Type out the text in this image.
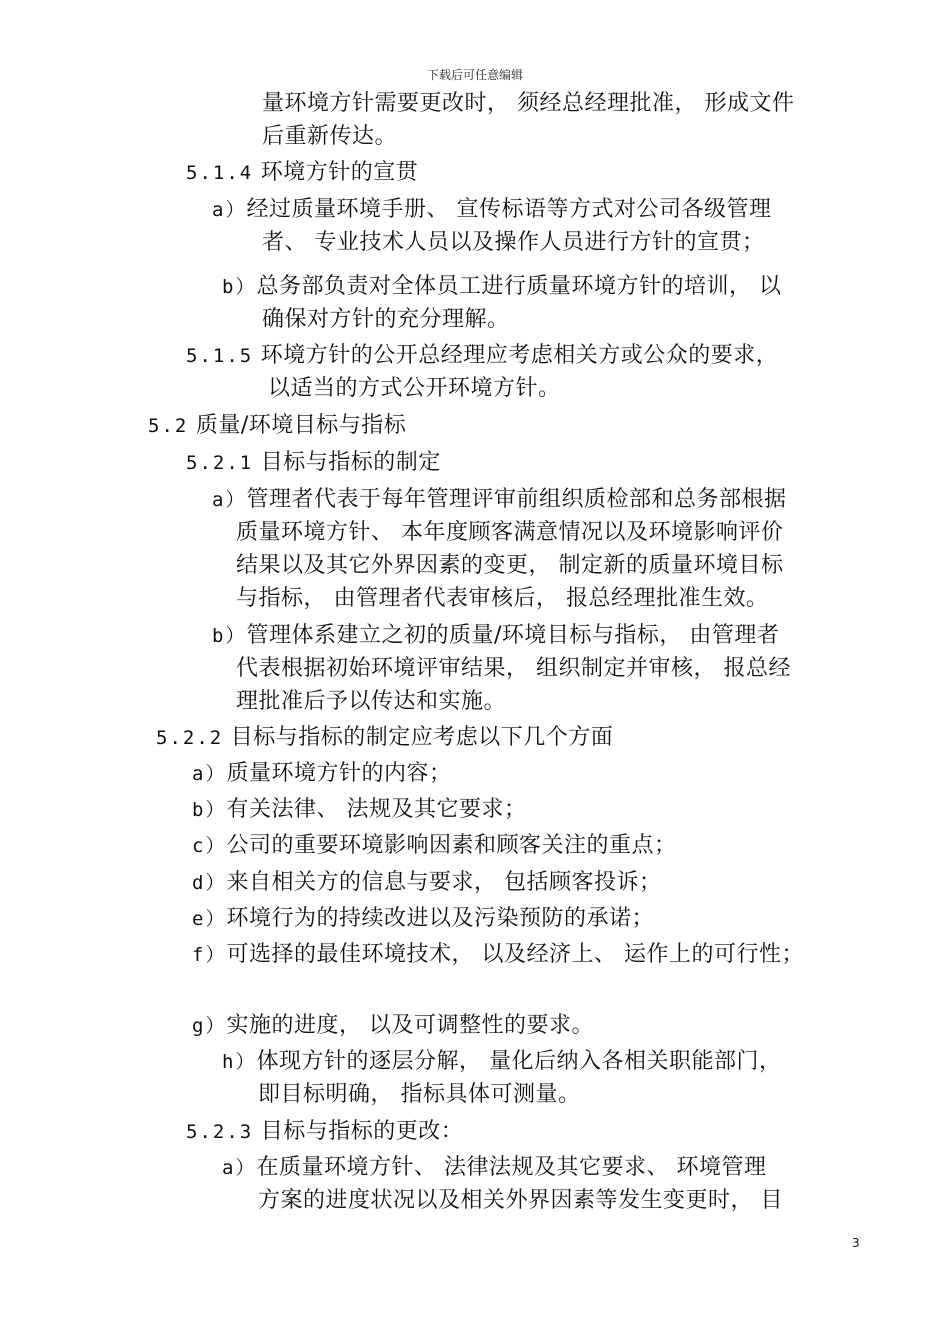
下载后可任意编辑
量环境方针需要更改时， 须经总经理批准， 形成文件
后重新传达。
5.1.4 环境方针的宣贯
a）经过质量环境手册、 宣传标语等方式对公司各级管理
者、 专业技术人员以及操作人员进行方针的宣贯；
b）总务部负责对全体员工进行质量环境方针的培训， 以
确保对方针的充分理解。
5.1.5 环境方针的公开总经理应考虑相关方或公众的要求，
以适当的方式公开环境方针。
5.2 质量/环境目标与指标
5.2.1 目标与指标的制定
a）管理者代表于每年管理评审前组织质检部和总务部根据
质量环境方针、 本年度顾客满意情况以及环境影响评价
结果以及其它外界因素的变更， 制定新的质量环境目标
与指标， 由管理者代表审核后， 报总经理批准生效。
b）管理体系建立之初的质量/环境目标与指标， 由管理者
代表根据初始环境评审结果， 组织制定并审核， 报总经
理批准后予以传达和实施。
5.2.2 目标与指标的制定应考虑以下几个方面
a）质量环境方针的内容；
b）有关法律、 法规及其它要求；
c）公司的重要环境影响因素和顾客关注的重点；
d）来自相关方的信息与要求， 包括顾客投诉；
e）环境行为的持续改进以及污染预防的承诺；
f）可选择的最佳环境技术， 以及经济上、 运作上的可行性；
g）实施的进度， 以及可调整性的要求。
h）体现方针的逐层分解， 量化后纳入各相关职能部门，
即目标明确， 指标具体可测量。
5.2.3 目标与指标的更改：
a）在质量环境方针、 法律法规及其它要求、 环境管理
方案的进度状况以及相关外界因素等发生变更时， 目
3
